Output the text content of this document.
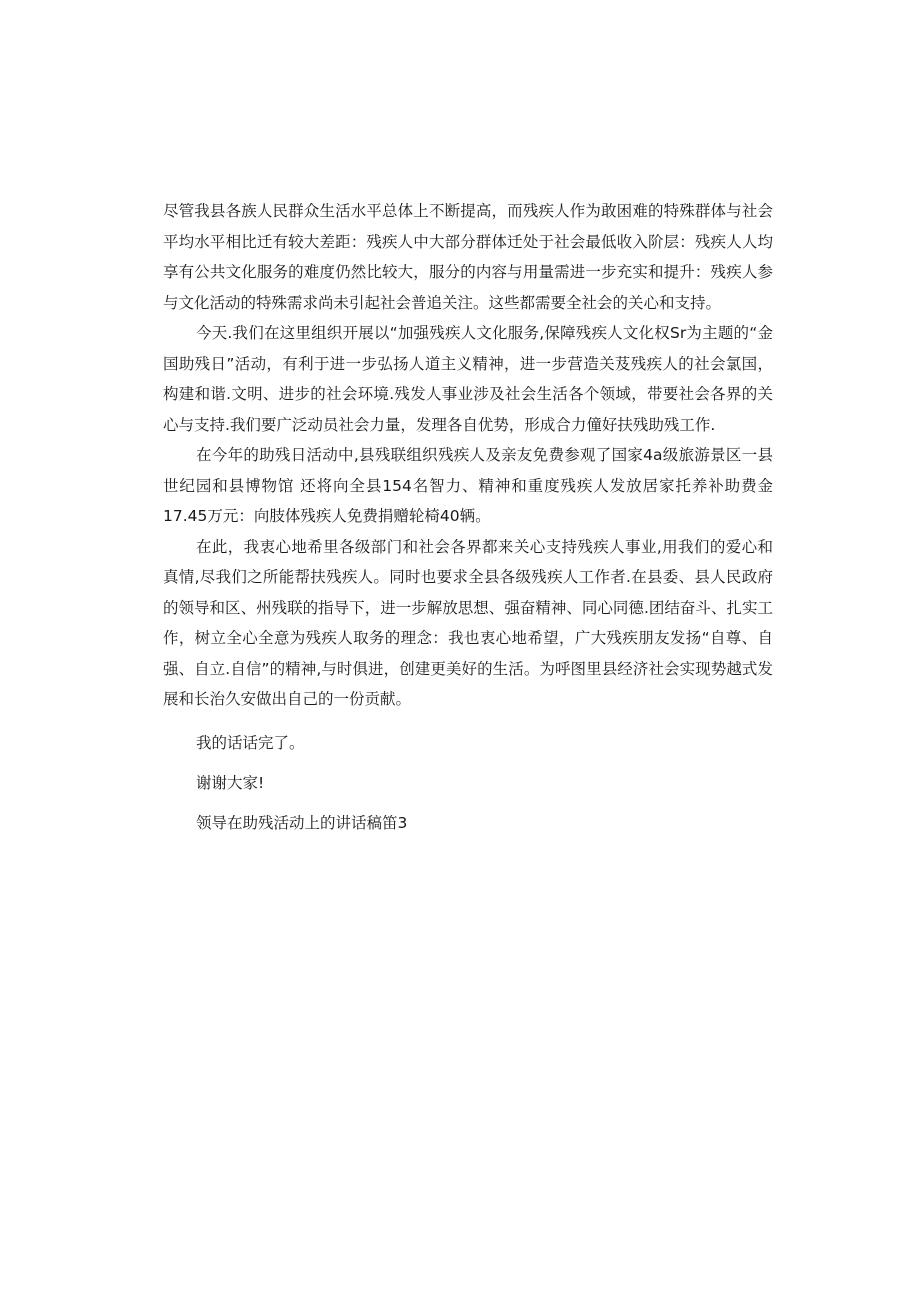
尽管我县各族人民群众生活水平总体上不断提高，而残疾人作为敢困难的特殊群体与社会平均水平相比迁有较大差距：残疾人中大部分群体迁处于社会最低收入阶层：残疾人人均享有公共文化服务的难度仍然比较大，服分的内容与用量需进一步充实和提升：残疾人参与文化活动的特殊需求尚未引起社会普追关注。这些都需要全社会的关心和支持。

今天.我们在这里组织开展以“加强残疾人文化服务,保障残疾人文化权Sr为主题的“金国助残日”活动，有利于进一步弘扬人道主义精神，进一步营造关芨残疾人的社会氯国，构建和谐.文明、进步的社会环境.残发人事业涉及社会生活各个领域，带要社会各界的关心与支持.我们要广泛动员社会力量，发理各自优势，形成合力僮好扶残助残工作.

在今年的助残日活动中,县残联组织残疾人及亲友免费参观了国家4a级旅游景区一县世纪园和县博物馆 还将向全县154名智力、精神和重度残疾人发放居家托养补助费金17.45万元：向肢体残疾人免费捐赠轮椅40辆。

在此，我衷心地希里各级部门和社会各界都来关心支持残疾人事业,用我们的爱心和真情,尽我们之所能帮扶残疾人。同时也要求全县各级残疾人工作者.在县委、县人民政府的领导和区、州残联的指导下，进一步解放思想、强奋精神、同心同德.团结奋斗、扎实工作，树立全心全意为残疾人取务的理念：我也衷心地希望，广大残疾朋友发扬“自尊、自强、自立.自信”的精神,与时俱进，创建更美好的生活。为呼图里县经济社会实现势越式发展和长治久安做出自己的一份贡献。

我的话话完了。

谢谢大家!

领导在助残活动上的讲话稿笛3
